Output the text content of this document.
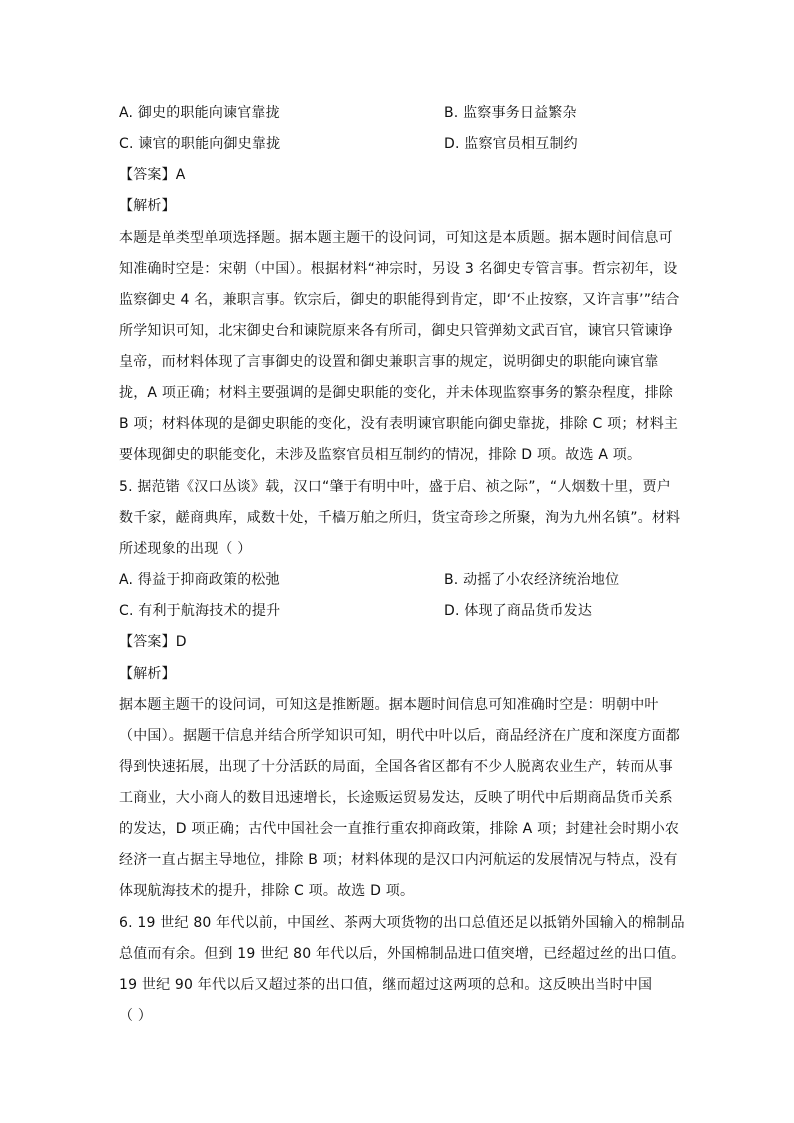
A. 御史的职能向谏官靠拢	B. 监察事务日益繁杂
C. 谏官的职能向御史靠拢	D. 监察官员相互制约
【答案】A
【解析】
本题是单类型单项选择题。据本题主题干的设问词，可知这是本质题。据本题时间信息可
知准确时空是：宋朝（中国）。根据材料“神宗时，另设 3 名御史专管言事。哲宗初年，设
监察御史 4 名，兼职言事。钦宗后，御史的职能得到肯定，即‘不止按察，又许言事’”结合
所学知识可知，北宋御史台和谏院原来各有所司，御史只管弹劾文武百官，谏官只管谏诤
皇帝，而材料体现了言事御史的设置和御史兼职言事的规定，说明御史的职能向谏官靠
拢，A 项正确；材料主要强调的是御史职能的变化，并未体现监察事务的繁杂程度，排除
B 项；材料体现的是御史职能的变化，没有表明谏官职能向御史靠拢，排除 C 项；材料主
要体现御史的职能变化，未涉及监察官员相互制约的情况，排除 D 项。故选 A 项。
5. 据范锴《汉口丛谈》载，汉口“肇于有明中叶，盛于启、祯之际”，“人烟数十里，贾户
数千家，鹾商典库，咸数十处，千樯万舶之所归，货宝奇珍之所聚，洵为九州名镇”。材料
所述现象的出现（ ）
A. 得益于抑商政策的松弛	B. 动摇了小农经济统治地位
C. 有利于航海技术的提升	D. 体现了商品货币发达
【答案】D
【解析】
据本题主题干的设问词，可知这是推断题。据本题时间信息可知准确时空是：明朝中叶
（中国）。据题干信息并结合所学知识可知，明代中叶以后，商品经济在广度和深度方面都
得到快速拓展，出现了十分活跃的局面，全国各省区都有不少人脱离农业生产，转而从事
工商业，大小商人的数目迅速增长，长途贩运贸易发达，反映了明代中后期商品货币关系
的发达，D 项正确；古代中国社会一直推行重农抑商政策，排除 A 项；封建社会时期小农
经济一直占据主导地位，排除 B 项；材料体现的是汉口内河航运的发展情况与特点，没有
体现航海技术的提升，排除 C 项。故选 D 项。
6. 19 世纪 80 年代以前，中国丝、茶两大项货物的出口总值还足以抵销外国输入的棉制品
总值而有余。但到 19 世纪 80 年代以后，外国棉制品进口值突增，已经超过丝的出口值。
19 世纪 90 年代以后又超过茶的出口值，继而超过这两项的总和。这反映出当时中国
（ ）
